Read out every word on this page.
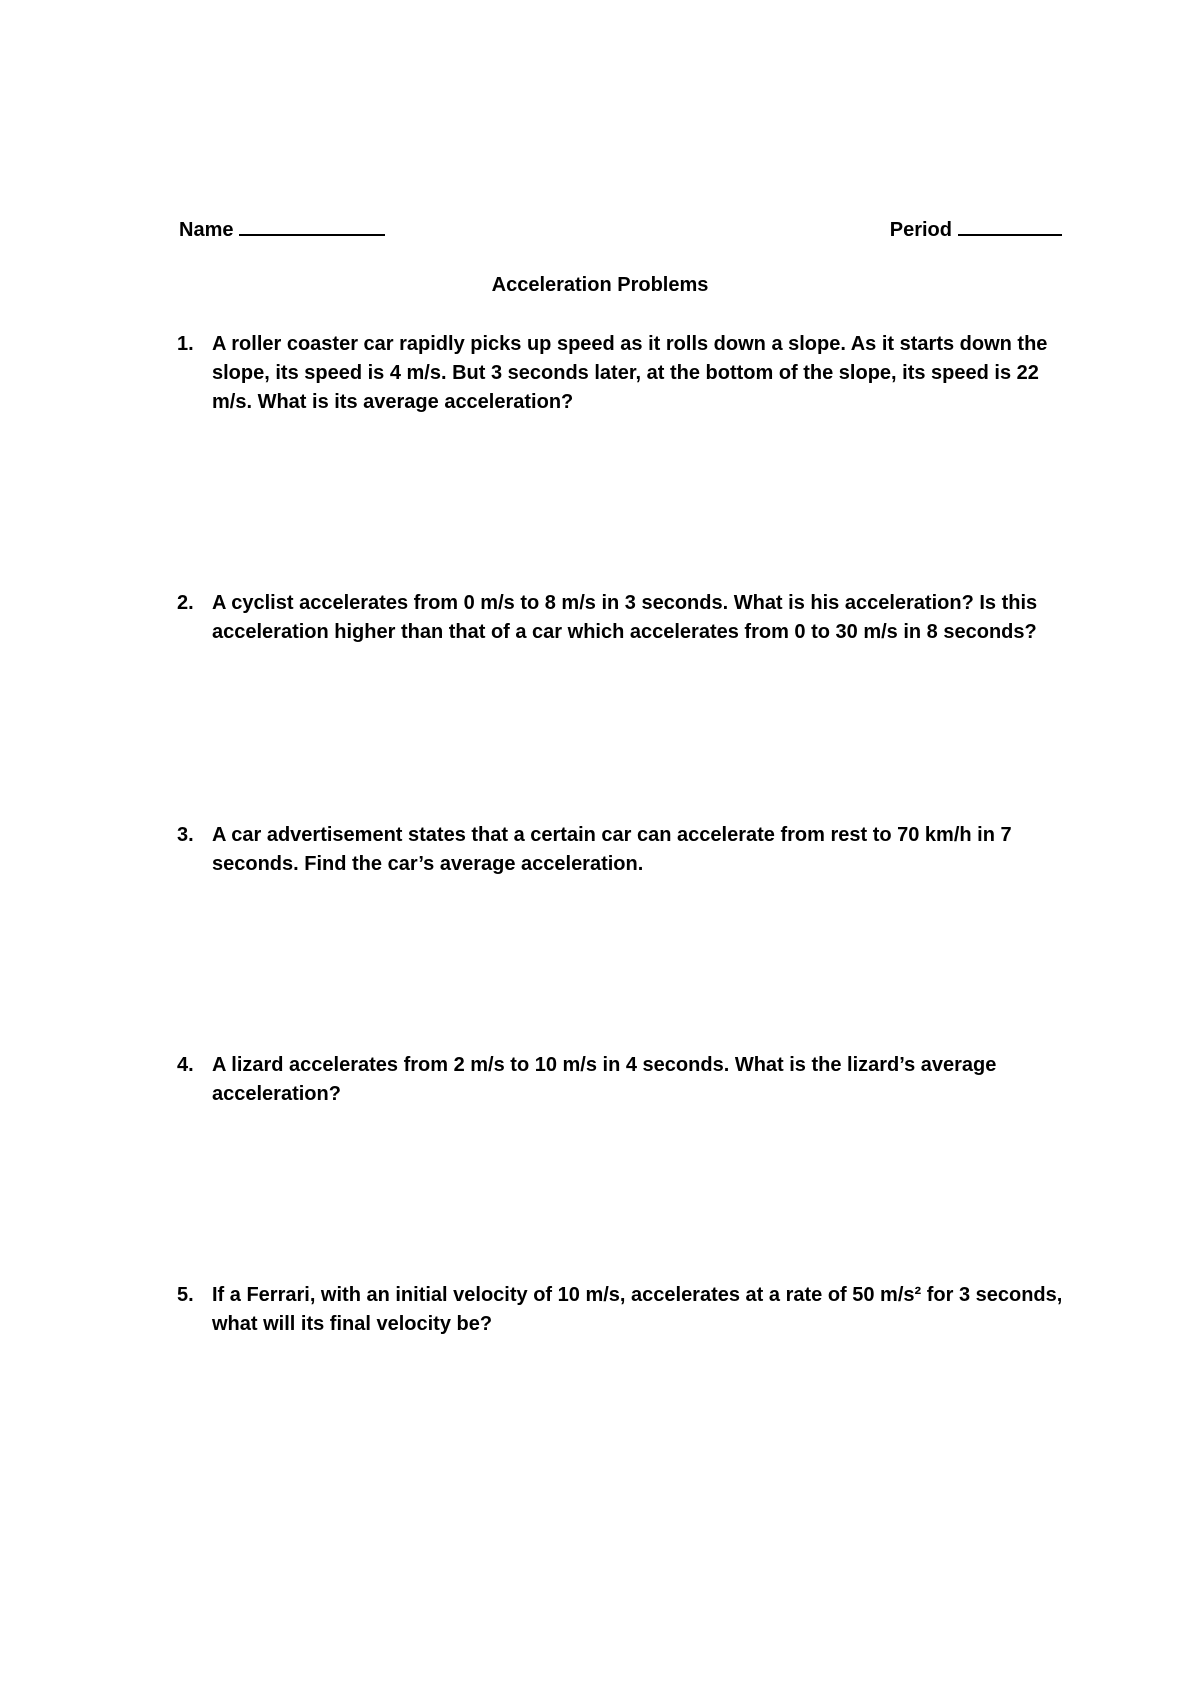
Name	Period
Acceleration Problems
1. A roller coaster car rapidly picks up speed as it rolls down a slope. As it starts down the slope, its speed is 4 m/s. But 3 seconds later, at the bottom of the slope, its speed is 22 m/s. What is its average acceleration?
2. A cyclist accelerates from 0 m/s to 8 m/s in 3 seconds. What is his acceleration? Is this acceleration higher than that of a car which accelerates from 0 to 30 m/s in 8 seconds?
3. A car advertisement states that a certain car can accelerate from rest to 70 km/h in 7 seconds. Find the car’s average acceleration.
4. A lizard accelerates from 2 m/s to 10 m/s in 4 seconds. What is the lizard’s average acceleration?
5. If a Ferrari, with an initial velocity of 10 m/s, accelerates at a rate of 50 m/s² for 3 seconds, what will its final velocity be?
